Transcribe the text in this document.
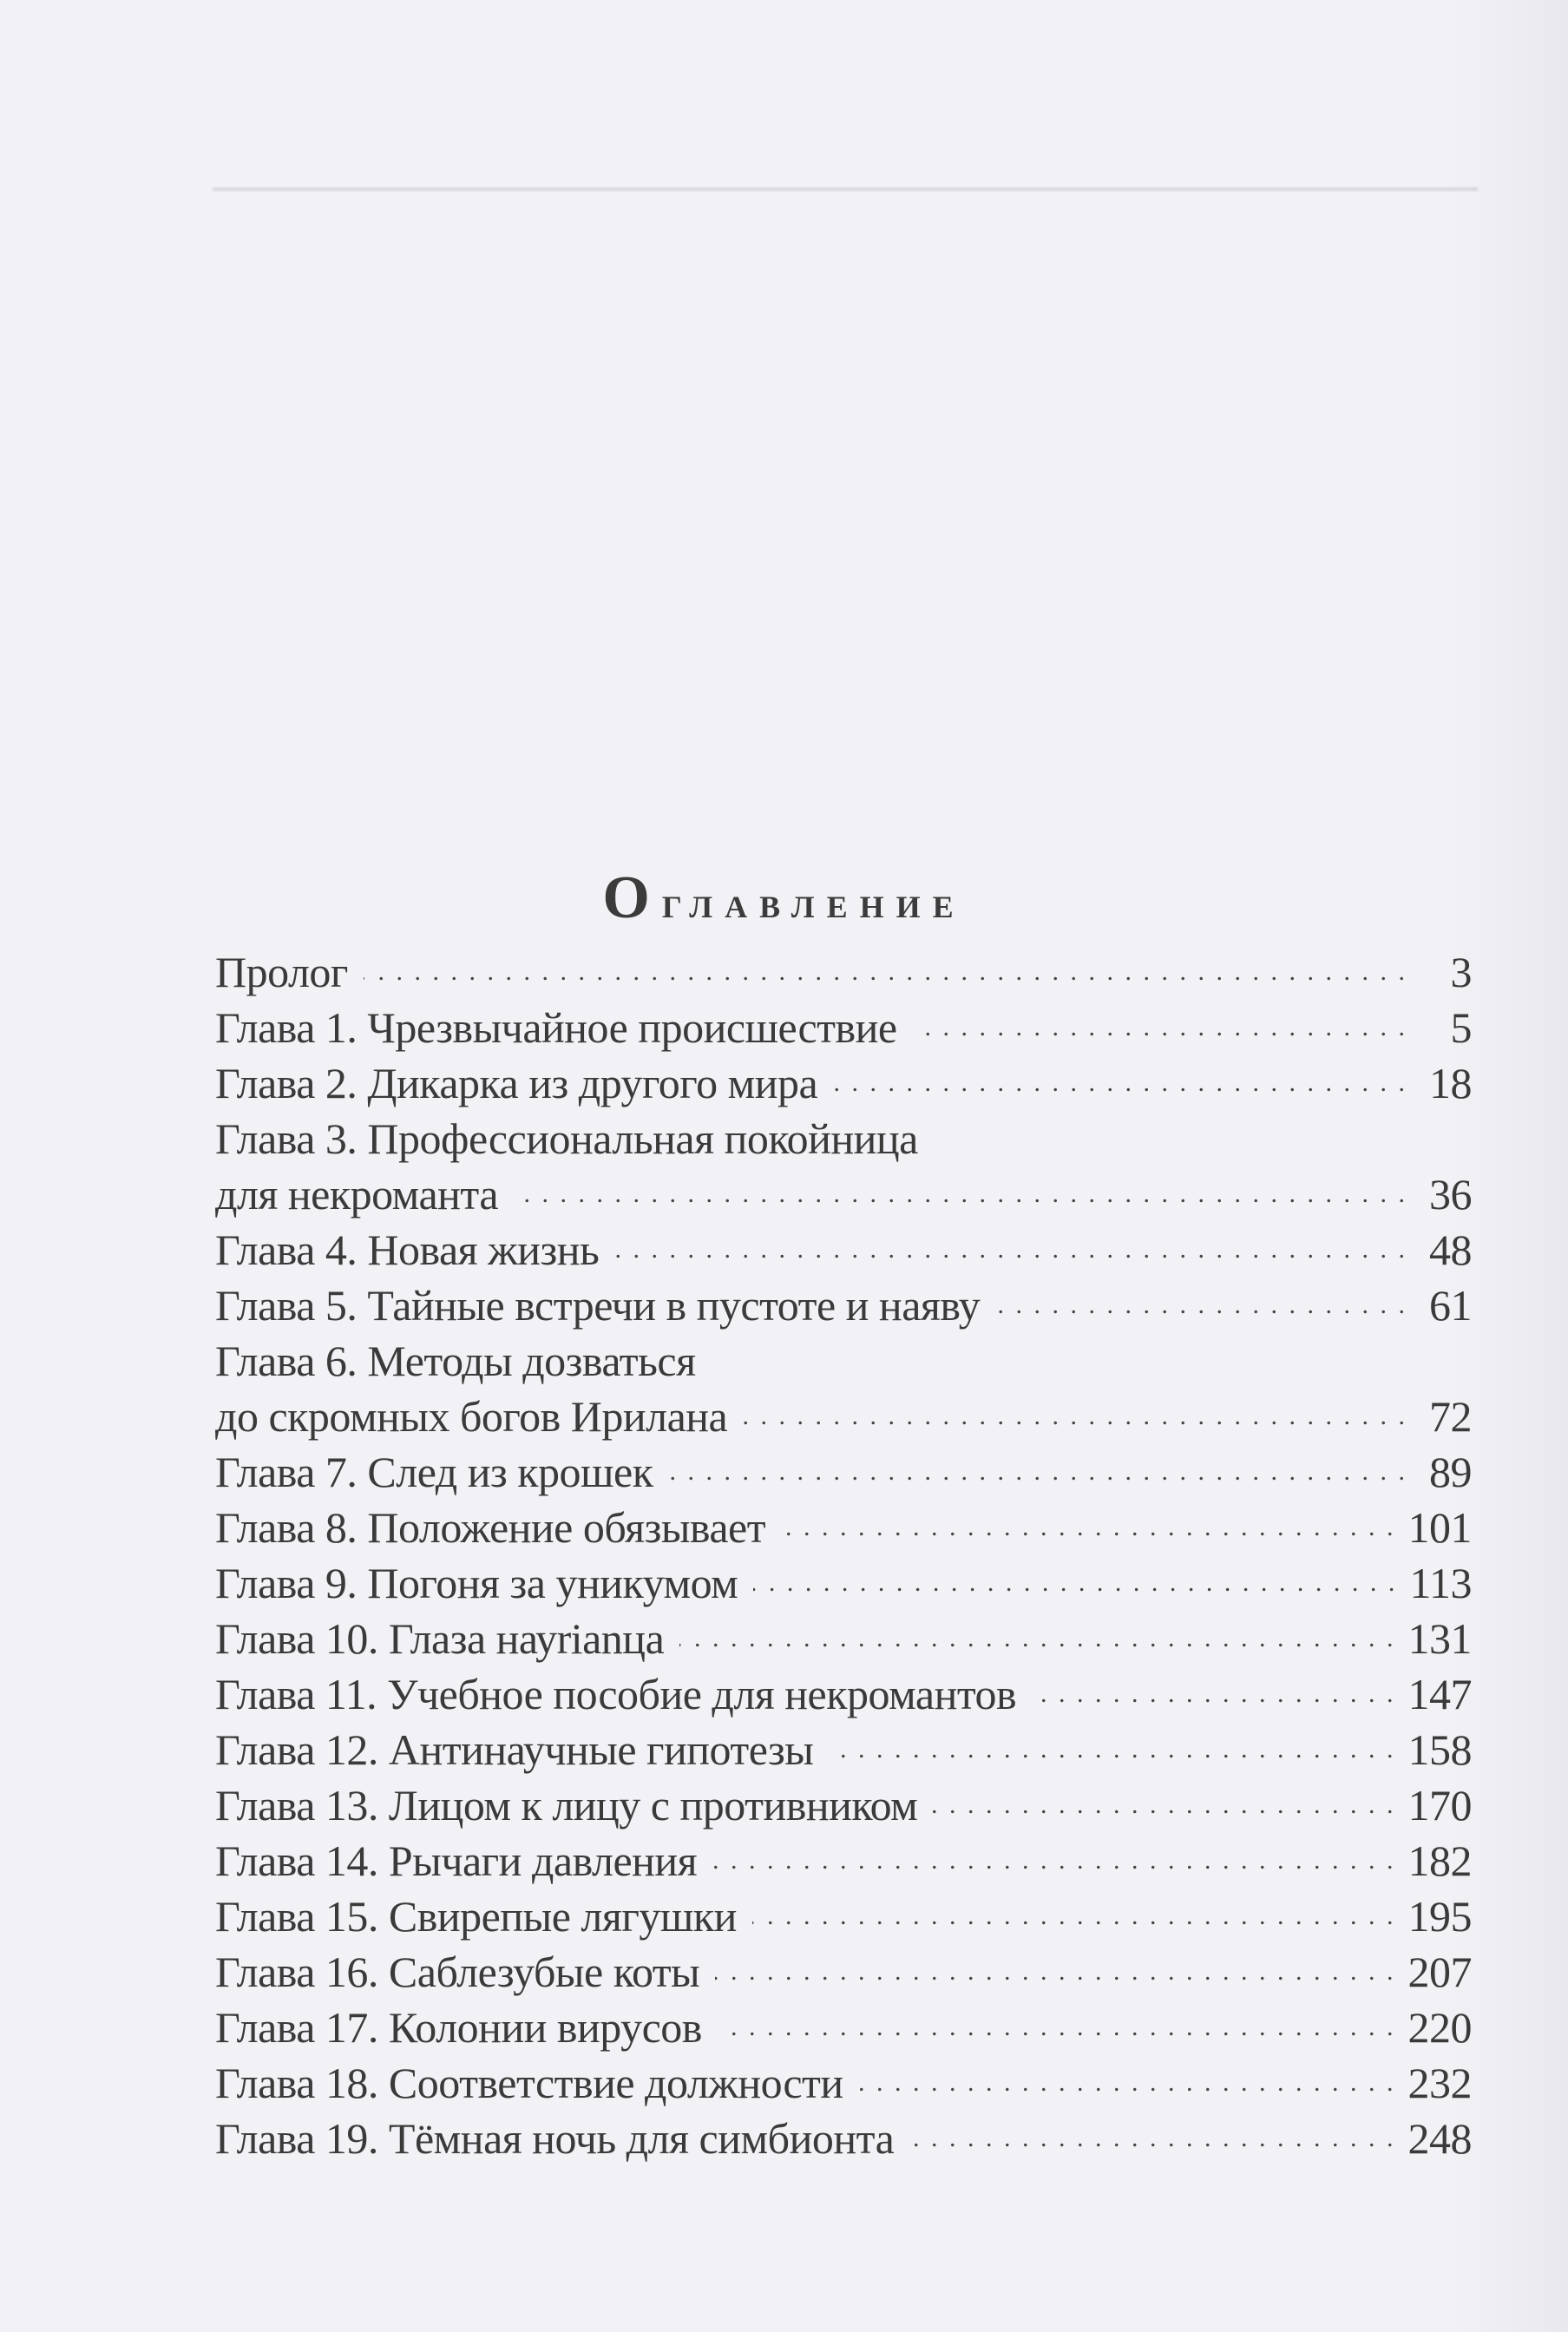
Оглавление
Пролог . . .	3
Глава 1. Чрезвычайное происшествие . . .	5
Глава 2. Дикарка из другого мира . . .	18
Глава 3. Профессиональная покойница
для некроманта . . .	36
Глава 4. Новая жизнь . . .	48
Глава 5. Тайные встречи в пустоте и наяву . . .	61
Глава 6. Методы дозваться
до скромных богов Ирилана . . .	72
Глава 7. След из крошек . . .	89
Глава 8. Положение обязывает . . .	101
Глава 9. Погоня за уникумом . . .	113
Глава 10. Глаза науrianца . . .	131
Глава 11. Учебное пособие для некромантов . . .	147
Глава 12. Антинаучные гипотезы . . .	158
Глава 13. Лицом к лицу с противником . . .	170
Глава 14. Рычаги давления . . .	182
Глава 15. Свирепые лягушки . . .	195
Глава 16. Саблезубые коты . . .	207
Глава 17. Колонии вирусов . . .	220
Глава 18. Соответствие должности . . .	232
Глава 19. Тёмная ночь для симбионта . . .	248
